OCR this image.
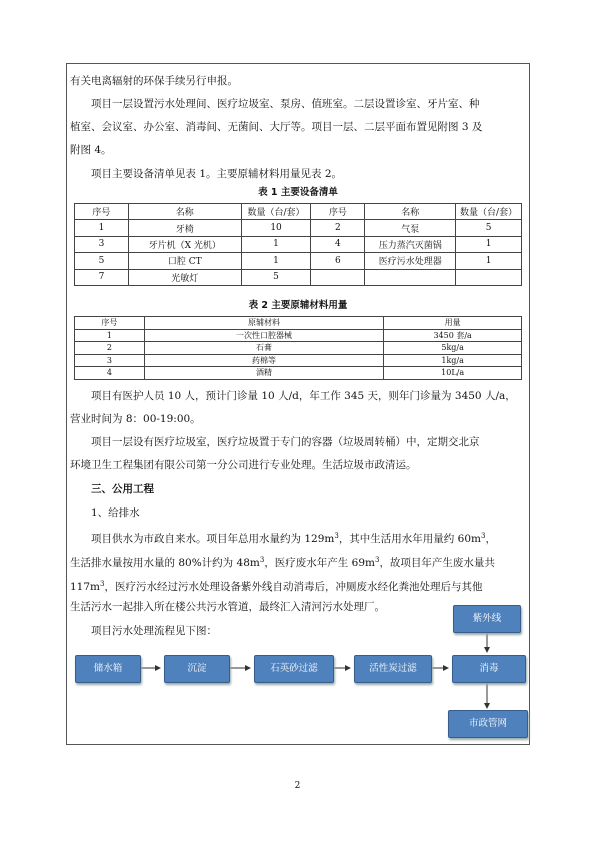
有关电离辐射的环保手续另行申报。
项目一层设置污水处理间、医疗垃圾室、泵房、值班室。二层设置诊室、牙片室、种
植室、会议室、办公室、消毒间、无菌间、大厅等。项目一层、二层平面布置见附图 3 及
附图 4。
项目主要设备清单见表 1。主要原辅材料用量见表 2。
表 1 主要设备清单
序号	名称	数量（台/套）	序号	名称	数量（台/套）
1	牙椅	10	2	气泵	5
3	牙片机（X 光机）	1	4	压力蒸汽灭菌锅	1
5	口腔 CT	1	6	医疗污水处理器	1
7	光敏灯	5			
表 2 主要原辅材料用量
序号	原辅材料	用量
1	一次性口腔器械	3450 套/a
2	石膏	5kg/a
3	药棉等	1kg/a
4	酒精	10L/a
项目有医护人员 10 人，预计门诊量 10 人/d，年工作 345 天，则年门诊量为 3450 人/a，
营业时间为 8：00-19:00。
项目一层设有医疗垃圾室，医疗垃圾置于专门的容器（垃圾周转桶）中，定期交北京
环境卫生工程集团有限公司第一分公司进行专业处理。生活垃圾市政清运。
三、公用工程
1、给排水
项目供水为市政自来水。项目年总用水量约为 $129m^3$，其中生活用水年用量约 $60m^3$，
生活排水量按用水量的 80%计约为 $48m^3$，医疗废水年产生 $69m^3$，故项目年产生废水量共
$117m^3$，医疗污水经过污水处理设备紫外线自动消毒后，冲厕废水经化粪池处理后与其他
生活污水一起排入所在楼公共污水管道，最终汇入清河污水处理厂。
项目污水处理流程见下图：
紫外线
储水箱	沉淀	石英砂过滤	活性炭过滤	消毒
市政管网
2
